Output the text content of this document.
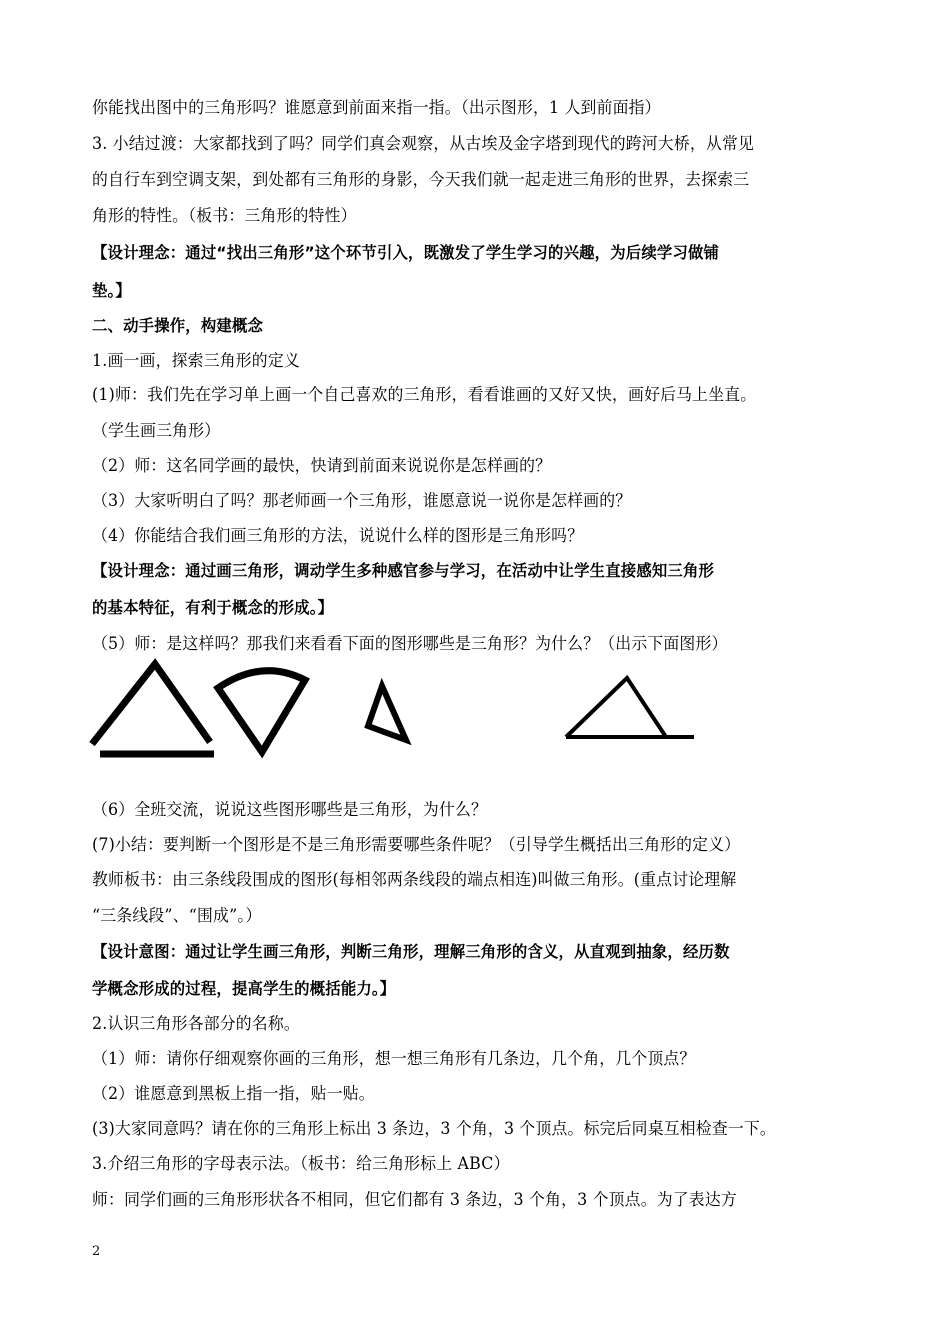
你能找出图中的三角形吗？谁愿意到前面来指一指。（出示图形，1 人到前面指）
3. 小结过渡：大家都找到了吗？同学们真会观察，从古埃及金字塔到现代的跨河大桥，从常见
的自行车到空调支架，到处都有三角形的身影，今天我们就一起走进三角形的世界，去探索三
角形的特性。（板书：三角形的特性）
【设计理念：通过“找出三角形”这个环节引入，既激发了学生学习的兴趣，为后续学习做铺
垫。】
二、动手操作，构建概念
1.画一画，探索三角形的定义
(1)师：我们先在学习单上画一个自己喜欢的三角形，看看谁画的又好又快，画好后马上坐直。
（学生画三角形）
（2）师：这名同学画的最快，快请到前面来说说你是怎样画的？
（3）大家听明白了吗？那老师画一个三角形，谁愿意说一说你是怎样画的？
（4）你能结合我们画三角形的方法，说说什么样的图形是三角形吗？
【设计理念：通过画三角形，调动学生多种感官参与学习，在活动中让学生直接感知三角形
的基本特征，有利于概念的形成。】
（5）师：是这样吗？那我们来看看下面的图形哪些是三角形？为什么？（出示下面图形）
（6）全班交流，说说这些图形哪些是三角形，为什么？
(7)小结：要判断一个图形是不是三角形需要哪些条件呢？（引导学生概括出三角形的定义）
教师板书：由三条线段围成的图形(每相邻两条线段的端点相连)叫做三角形。(重点讨论理解
“三条线段”、“围成”。）
【设计意图：通过让学生画三角形，判断三角形，理解三角形的含义，从直观到抽象，经历数
学概念形成的过程，提高学生的概括能力。】
2.认识三角形各部分的名称。
（1）师：请你仔细观察你画的三角形，想一想三角形有几条边，几个角，几个顶点？
（2）谁愿意到黑板上指一指，贴一贴。
(3)大家同意吗？请在你的三角形上标出 3 条边，3 个角，3 个顶点。标完后同桌互相检查一下。
3.介绍三角形的字母表示法。（板书：给三角形标上 ABC）
师：同学们画的三角形形状各不相同，但它们都有 3 条边，3 个角，3 个顶点。为了表达方
2
